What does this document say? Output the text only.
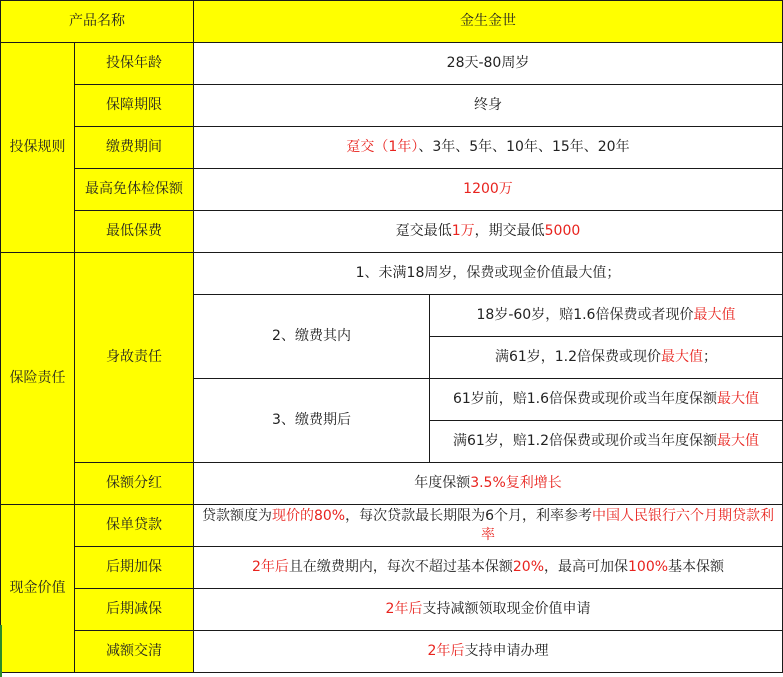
产品名称		金生金世	
投保规则	投保年龄	28天-80周岁	
	保障期限	终身	
	缴费期间	趸交（1年）、3年、5年、10年、15年、20年	
	最高免体检保额	1200万	
	最低保费	趸交最低1万，期交最低5000	
保险责任	身故责任	1、未满18周岁，保费或现金价值最大值；	
		2、缴费其内	18岁-60岁，赔1.6倍保费或者现价最大值
			满61岁，1.2倍保费或现价最大值；
		3、缴费期后	61岁前，赔1.6倍保费或现价或当年度保额最大值
			满61岁，赔1.2倍保费或现价或当年度保额最大值
	保额分红	年度保额3.5%复利增长	
现金价值	保单贷款	贷款额度为现价的80%，每次贷款最长期限为6个月，利率参考中国人民银行六个月期贷款利率	
	后期加保	2年后且在缴费期内，每次不超过基本保额20%，最高可加保100%基本保额	
	后期减保	2年后支持减额领取现金价值申请	
	减额交清	2年后支持申请办理	
